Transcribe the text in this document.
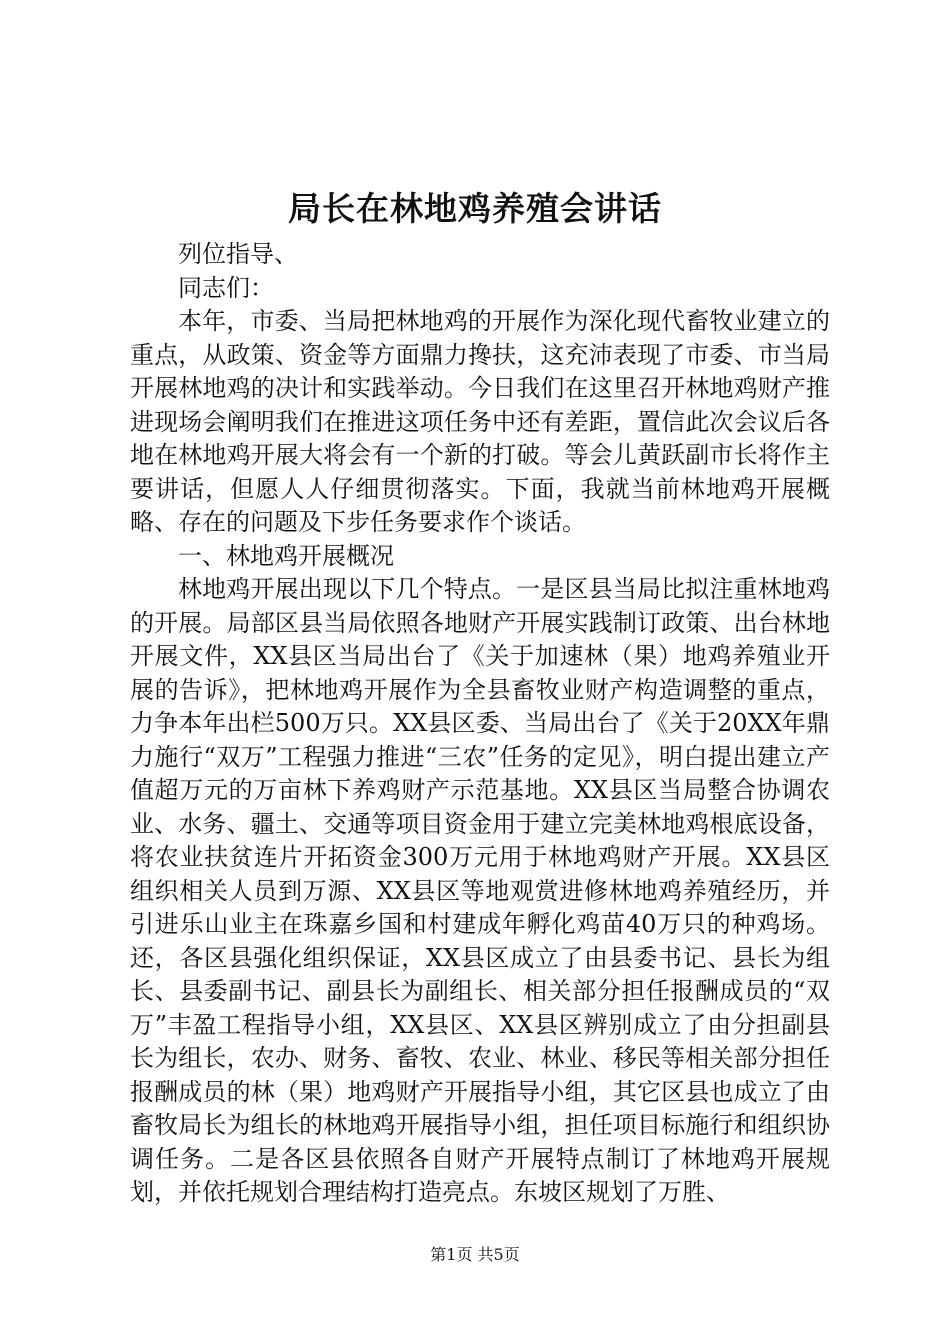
局长在林地鸡养殖会讲话

列位指导、

同志们：

本年，市委、当局把林地鸡的开展作为深化现代畜牧业建立的重点，从政策、资金等方面鼎力搀扶，这充沛表现了市委、市当局开展林地鸡的决计和实践举动。今日我们在这里召开林地鸡财产推进现场会阐明我们在推进这项任务中还有差距，置信此次会议后各地在林地鸡开展大将会有一个新的打破。等会儿黄跃副市长将作主要讲话，但愿人人仔细贯彻落实。下面，我就当前林地鸡开展概略、存在的问题及下步任务要求作个谈话。

一、林地鸡开展概况

林地鸡开展出现以下几个特点。一是区县当局比拟注重林地鸡的开展。局部区县当局依照各地财产开展实践制订政策、出台林地开展文件，XX县区当局出台了《关于加速林（果）地鸡养殖业开展的告诉》，把林地鸡开展作为全县畜牧业财产构造调整的重点，力争本年出栏500万只。XX县区委、当局出台了《关于20XX年鼎力施行“双万”工程强力推进“三农”任务的定见》，明白提出建立产值超万元的万亩林下养鸡财产示范基地。XX县区当局整合协调农业、水务、疆土、交通等项目资金用于建立完美林地鸡根底设备，将农业扶贫连片开拓资金300万元用于林地鸡财产开展。XX县区组织相关人员到万源、XX县区等地观赏进修林地鸡养殖经历，并引进乐山业主在珠嘉乡国和村建成年孵化鸡苗40万只的种鸡场。还，各区县强化组织保证，XX县区成立了由县委书记、县长为组长、县委副书记、副县长为副组长、相关部分担任报酬成员的“双万”丰盈工程指导小组，XX县区、XX县区辨别成立了由分担副县长为组长，农办、财务、畜牧、农业、林业、移民等相关部分担任报酬成员的林（果）地鸡财产开展指导小组，其它区县也成立了由畜牧局长为组长的林地鸡开展指导小组，担任项目标施行和组织协调任务。二是各区县依照各自财产开展特点制订了林地鸡开展规划，并依托规划合理结构打造亮点。东坡区规划了万胜、

第1页 共5页
